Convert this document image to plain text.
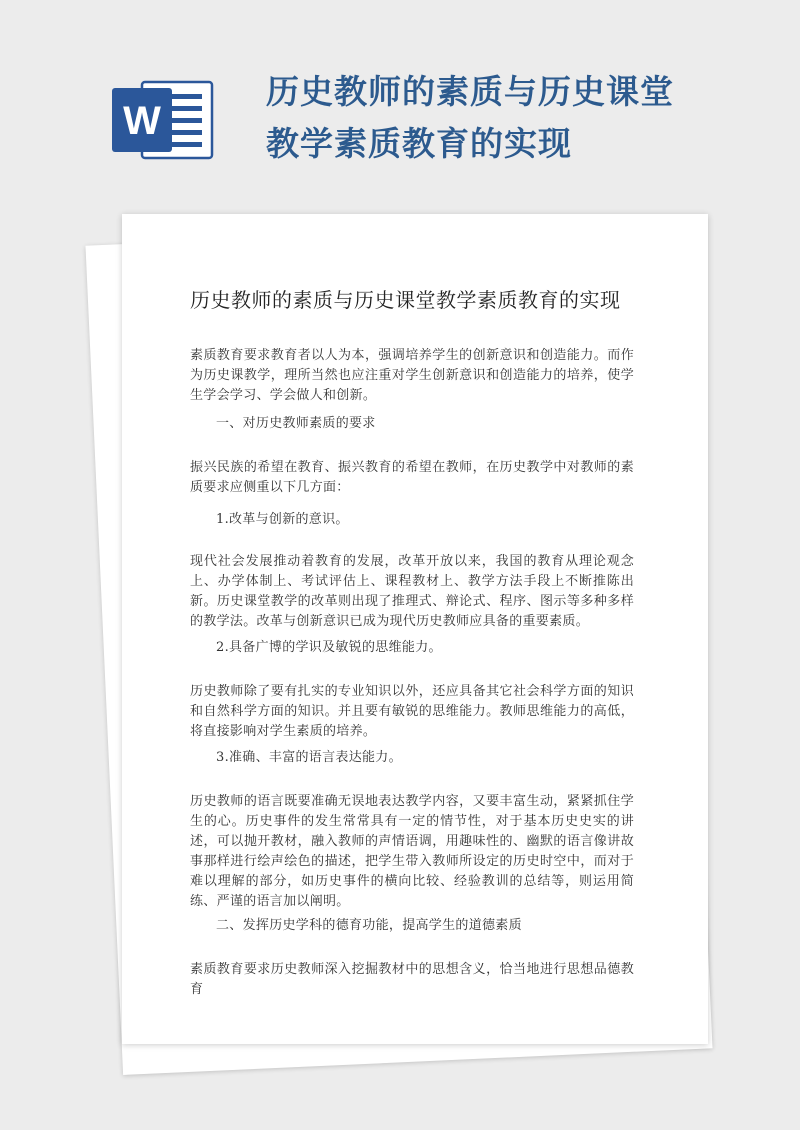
W
历史教师的素质与历史课堂教学素质教育的实现
历史教师的素质与历史课堂教学素质教育的实现

素质教育要求教育者以人为本，强调培养学生的创新意识和创造能力。而作为历史课教学，理所当然也应注重对学生创新意识和创造能力的培养，使学生学会学习、学会做人和创新。

一、对历史教师素质的要求

振兴民族的希望在教育、振兴教育的希望在教师，在历史教学中对教师的素质要求应侧重以下几方面：

1.改革与创新的意识。

现代社会发展推动着教育的发展，改革开放以来，我国的教育从理论观念上、办学体制上、考试评估上、课程教材上、教学方法手段上不断推陈出新。历史课堂教学的改革则出现了推理式、辩论式、程序、图示等多种多样的教学法。改革与创新意识已成为现代历史教师应具备的重要素质。

2.具备广博的学识及敏锐的思维能力。

历史教师除了要有扎实的专业知识以外，还应具备其它社会科学方面的知识和自然科学方面的知识。并且要有敏锐的思维能力。教师思维能力的高低，将直接影响对学生素质的培养。

3.准确、丰富的语言表达能力。

历史教师的语言既要准确无误地表达教学内容，又要丰富生动，紧紧抓住学生的心。历史事件的发生常常具有一定的情节性，对于基本历史史实的讲述，可以抛开教材，融入教师的声情语调，用趣味性的、幽默的语言像讲故事那样进行绘声绘色的描述，把学生带入教师所设定的历史时空中，而对于难以理解的部分，如历史事件的横向比较、经验教训的总结等，则运用简练、严谨的语言加以阐明。

二、发挥历史学科的德育功能，提高学生的道德素质

素质教育要求历史教师深入挖掘教材中的思想含义，恰当地进行思想品德教育
